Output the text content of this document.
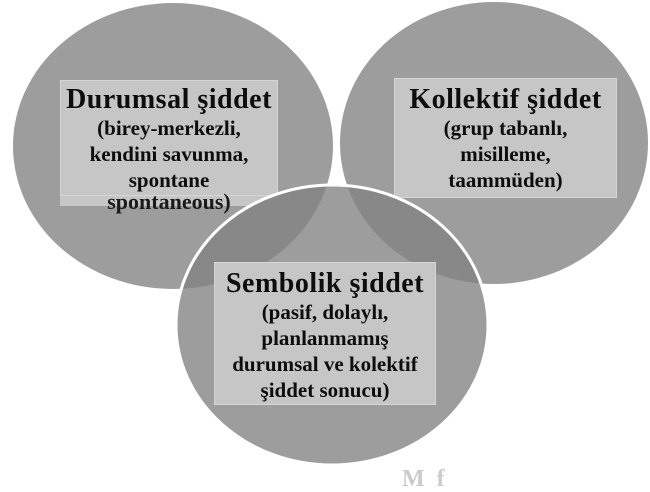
Durumsal şiddet
(birey-merkezli,
kendini savunma,
spontane
spontaneous)
Kollektif şiddet
(grup tabanlı,
misilleme,
taammüden)
Sembolik şiddet
(pasif, dolaylı,
planlanmamış
durumsal ve kolektif
şiddet sonucu)
Mf
